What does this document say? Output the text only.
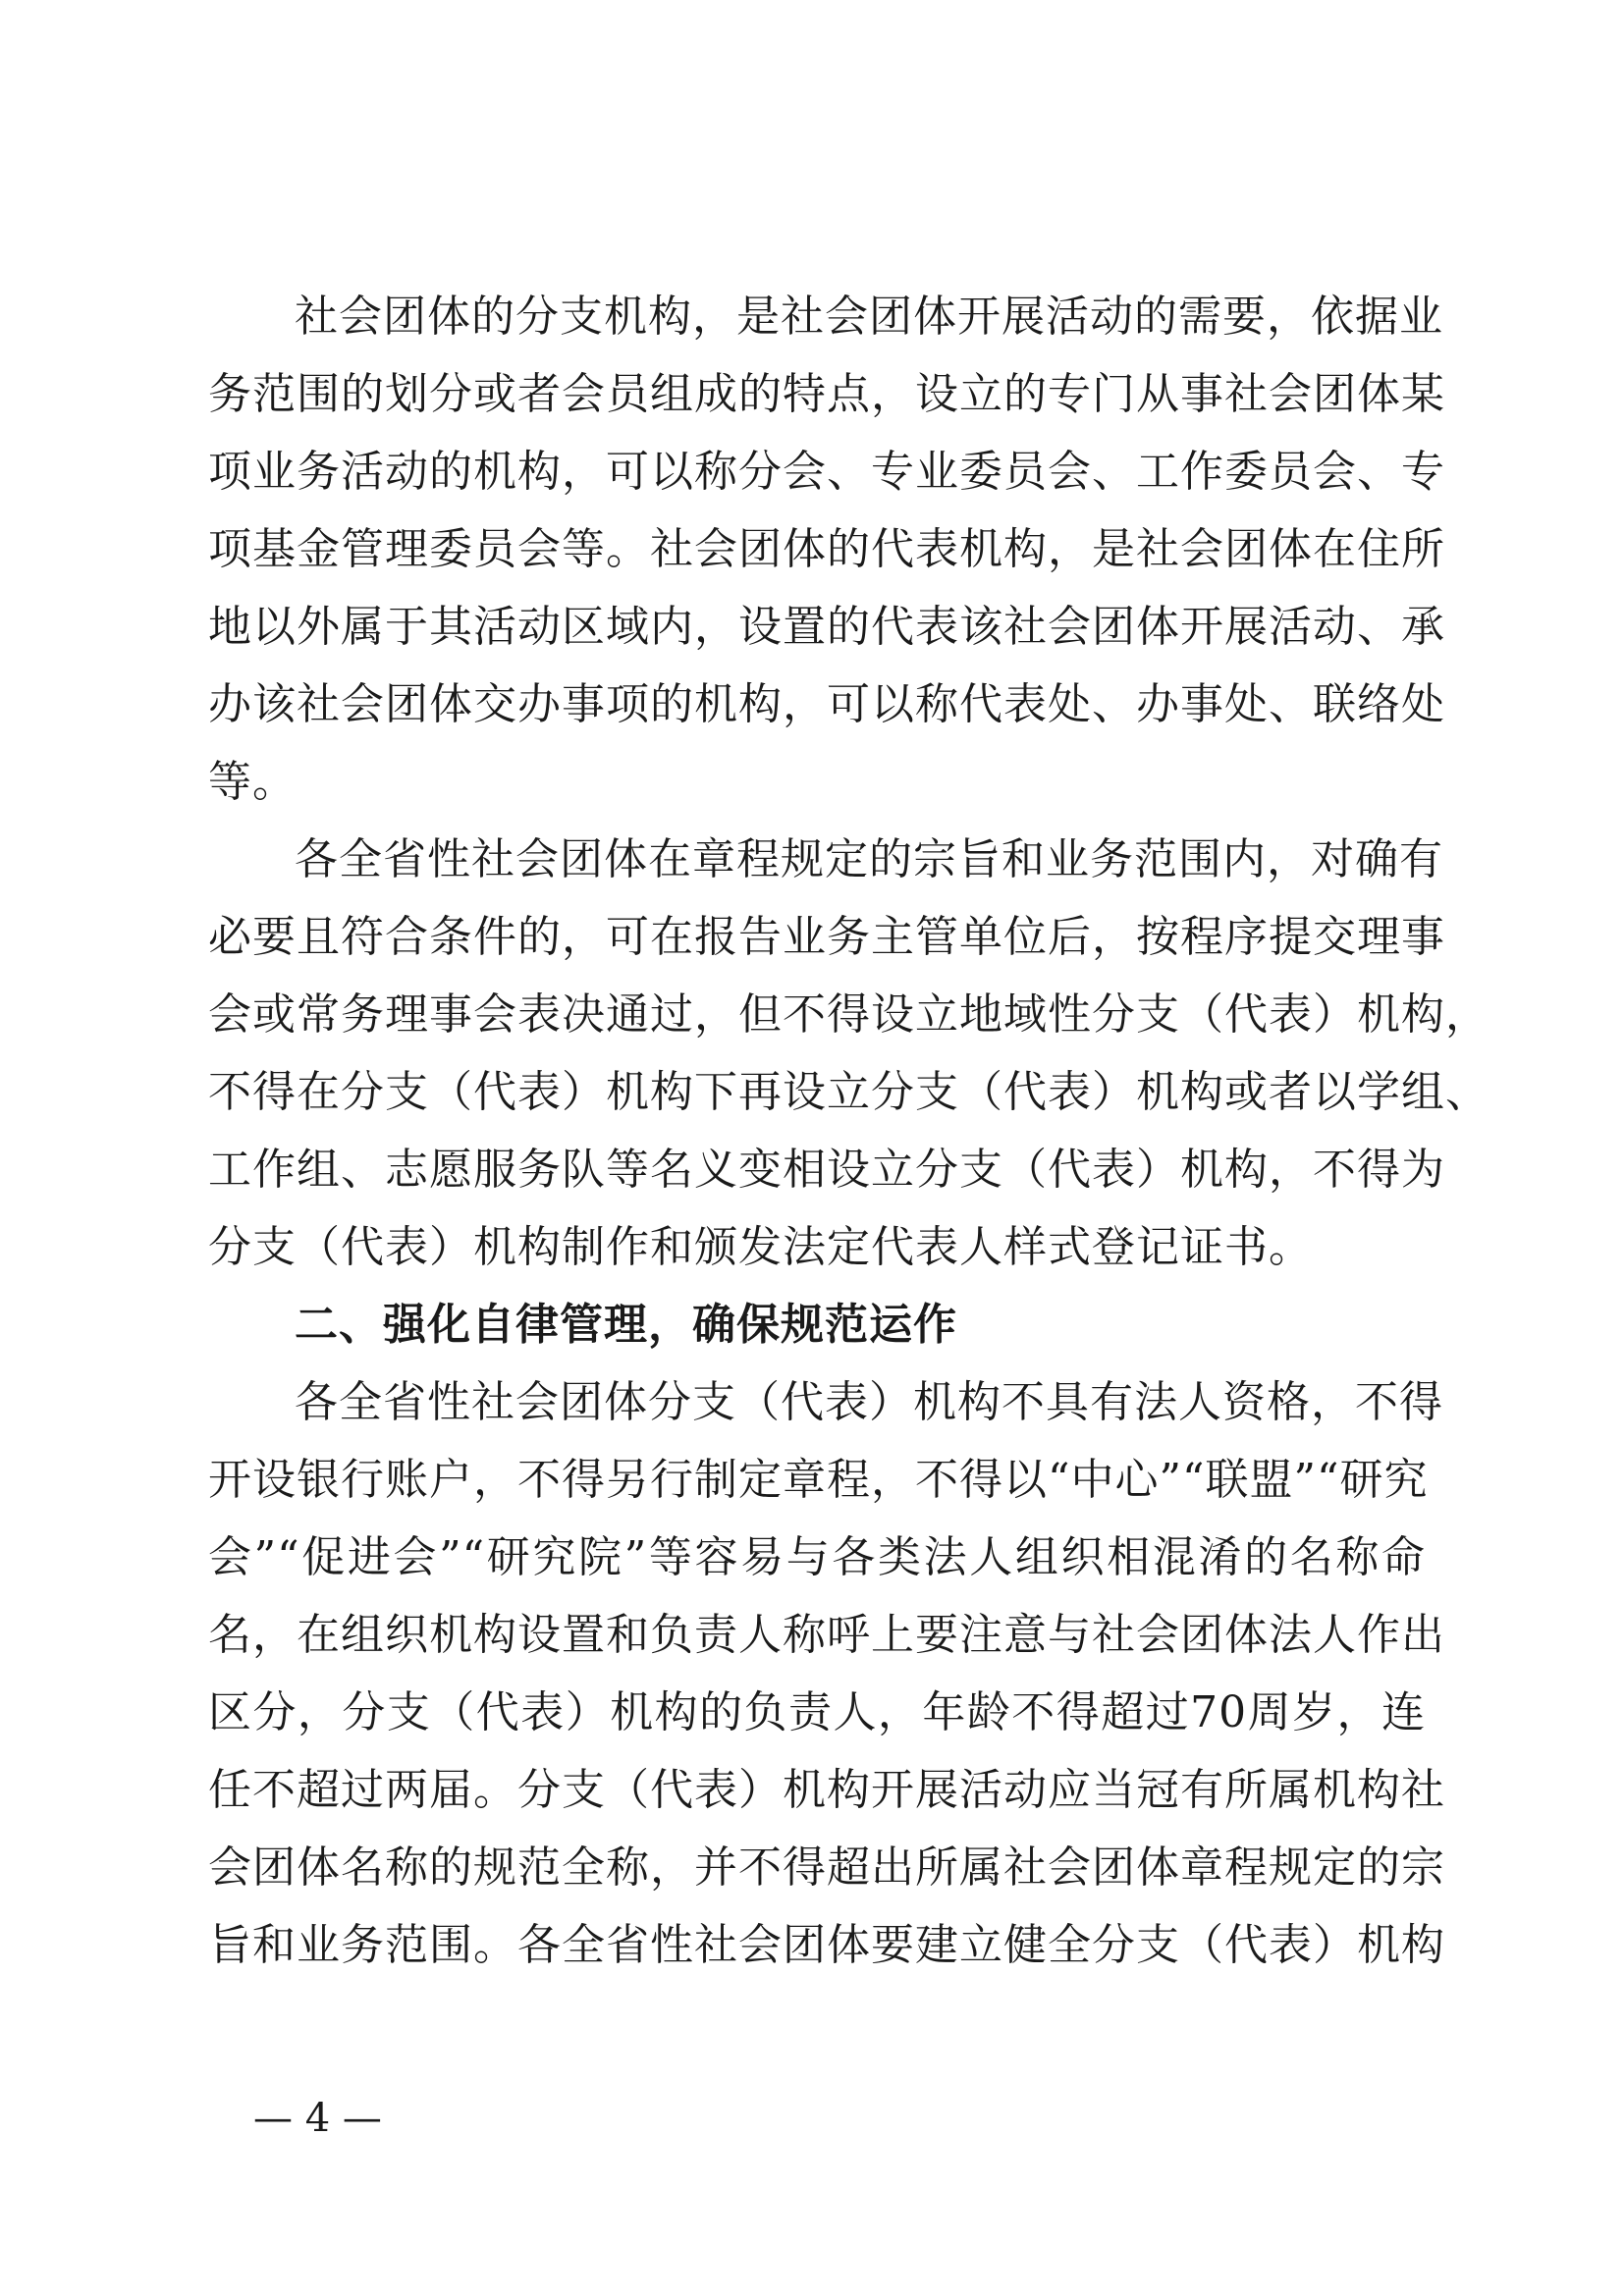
社会团体的分支机构，是社会团体开展活动的需要，依据业
务范围的划分或者会员组成的特点，设立的专门从事社会团体某
项业务活动的机构，可以称分会、专业委员会、工作委员会、专
项基金管理委员会等。社会团体的代表机构，是社会团体在住所
地以外属于其活动区域内，设置的代表该社会团体开展活动、承
办该社会团体交办事项的机构，可以称代表处、办事处、联络处
等。
各全省性社会团体在章程规定的宗旨和业务范围内，对确有
必要且符合条件的，可在报告业务主管单位后，按程序提交理事
会或常务理事会表决通过，但不得设立地域性分支（代表）机构，
不得在分支（代表）机构下再设立分支（代表）机构或者以学组、
工作组、志愿服务队等名义变相设立分支（代表）机构，不得为
分支（代表）机构制作和颁发法定代表人样式登记证书。
二、强化自律管理，确保规范运作
各全省性社会团体分支（代表）机构不具有法人资格，不得
开设银行账户，不得另行制定章程，不得以“中心”“联盟”“研究
会”“促进会”“研究院”等容易与各类法人组织相混淆的名称命
名，在组织机构设置和负责人称呼上要注意与社会团体法人作出
区分，分支（代表）机构的负责人，年龄不得超过70周岁，连
任不超过两届。分支（代表）机构开展活动应当冠有所属机构社
会团体名称的规范全称，并不得超出所属社会团体章程规定的宗
旨和业务范围。各全省性社会团体要建立健全分支（代表）机构
— 4 —
